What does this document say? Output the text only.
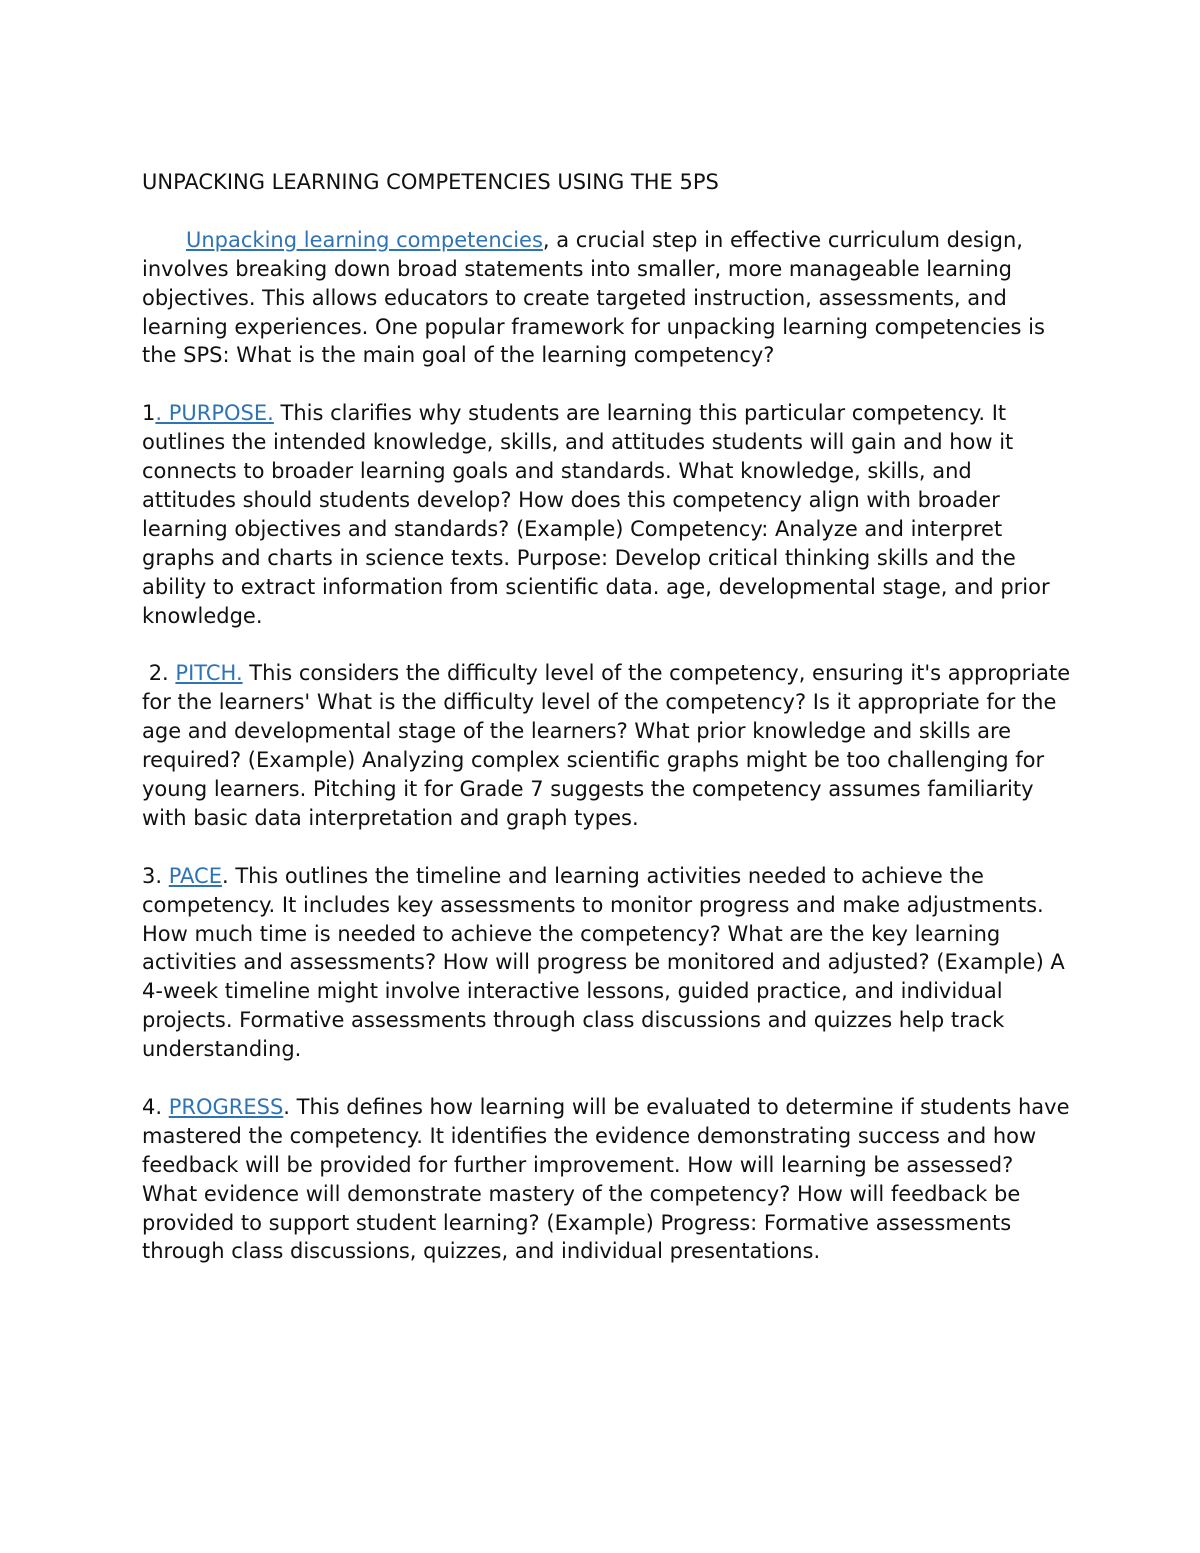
UNPACKING LEARNING COMPETENCIES USING THE 5PS

Unpacking learning competencies, a crucial step in effective curriculum design, involves breaking down broad statements into smaller, more manageable learning objectives. This allows educators to create targeted instruction, assessments, and learning experiences. One popular framework for unpacking learning competencies is the SPS: What is the main goal of the learning competency?

1. PURPOSE. This clarifies why students are learning this particular competency. It outlines the intended knowledge, skills, and attitudes students will gain and how it connects to broader learning goals and standards. What knowledge, skills, and attitudes should students develop? How does this competency align with broader learning objectives and standards? (Example) Competency: Analyze and interpret graphs and charts in science texts. Purpose: Develop critical thinking skills and the ability to extract information from scientific data. age, developmental stage, and prior knowledge.

2. PITCH. This considers the difficulty level of the competency, ensuring it's appropriate for the learners' What is the difficulty level of the competency? Is it appropriate for the age and developmental stage of the learners? What prior knowledge and skills are required? (Example) Analyzing complex scientific graphs might be too challenging for young learners. Pitching it for Grade 7 suggests the competency assumes familiarity with basic data interpretation and graph types.

3. PACE. This outlines the timeline and learning activities needed to achieve the competency. It includes key assessments to monitor progress and make adjustments. How much time is needed to achieve the competency? What are the key learning activities and assessments? How will progress be monitored and adjusted? (Example) A 4-week timeline might involve interactive lessons, guided practice, and individual projects. Formative assessments through class discussions and quizzes help track understanding.

4. PROGRESS. This defines how learning will be evaluated to determine if students have mastered the competency. It identifies the evidence demonstrating success and how feedback will be provided for further improvement. How will learning be assessed? What evidence will demonstrate mastery of the competency? How will feedback be provided to support student learning? (Example) Progress: Formative assessments through class discussions, quizzes, and individual presentations.
